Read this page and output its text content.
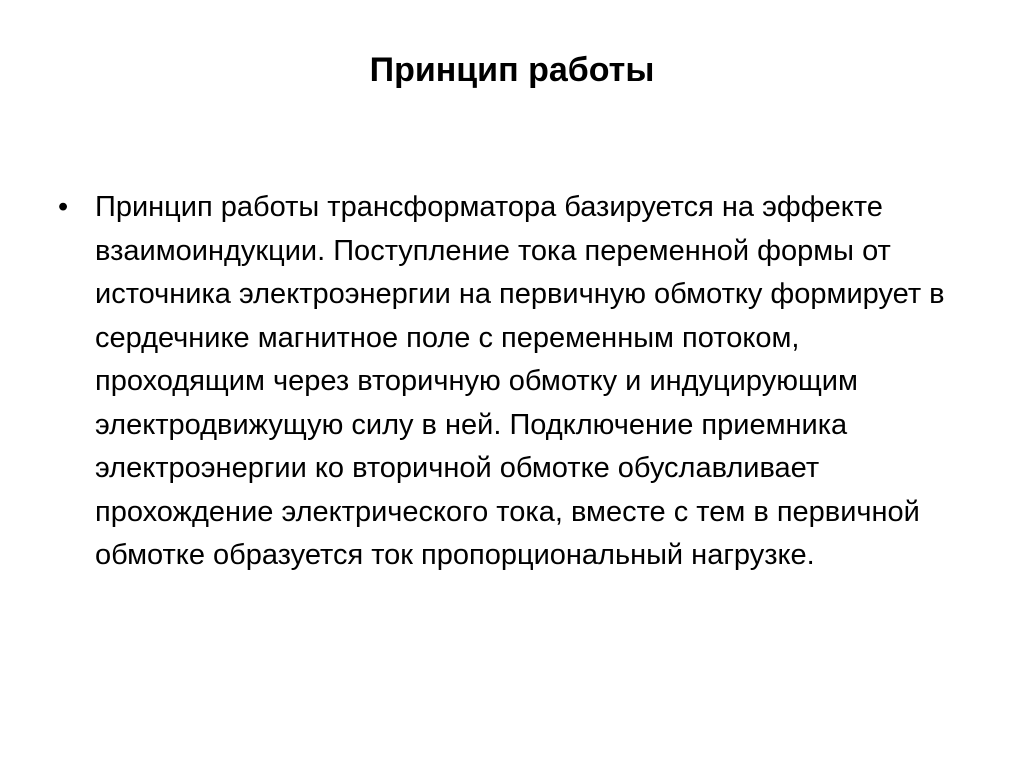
Принцип работы
• Принцип работы трансформатора базируется на эффекте взаимоиндукции. Поступление тока переменной формы от источника электроэнергии на первичную обмотку формирует в сердечнике магнитное поле с переменным потоком, проходящим через вторичную обмотку и индуцирующим электродвижущую силу в ней. Подключение приемника электроэнергии ко вторичной обмотке обуславливает прохождение электрического тока, вместе с тем в первичной обмотке образуется ток пропорциональный нагрузке.
